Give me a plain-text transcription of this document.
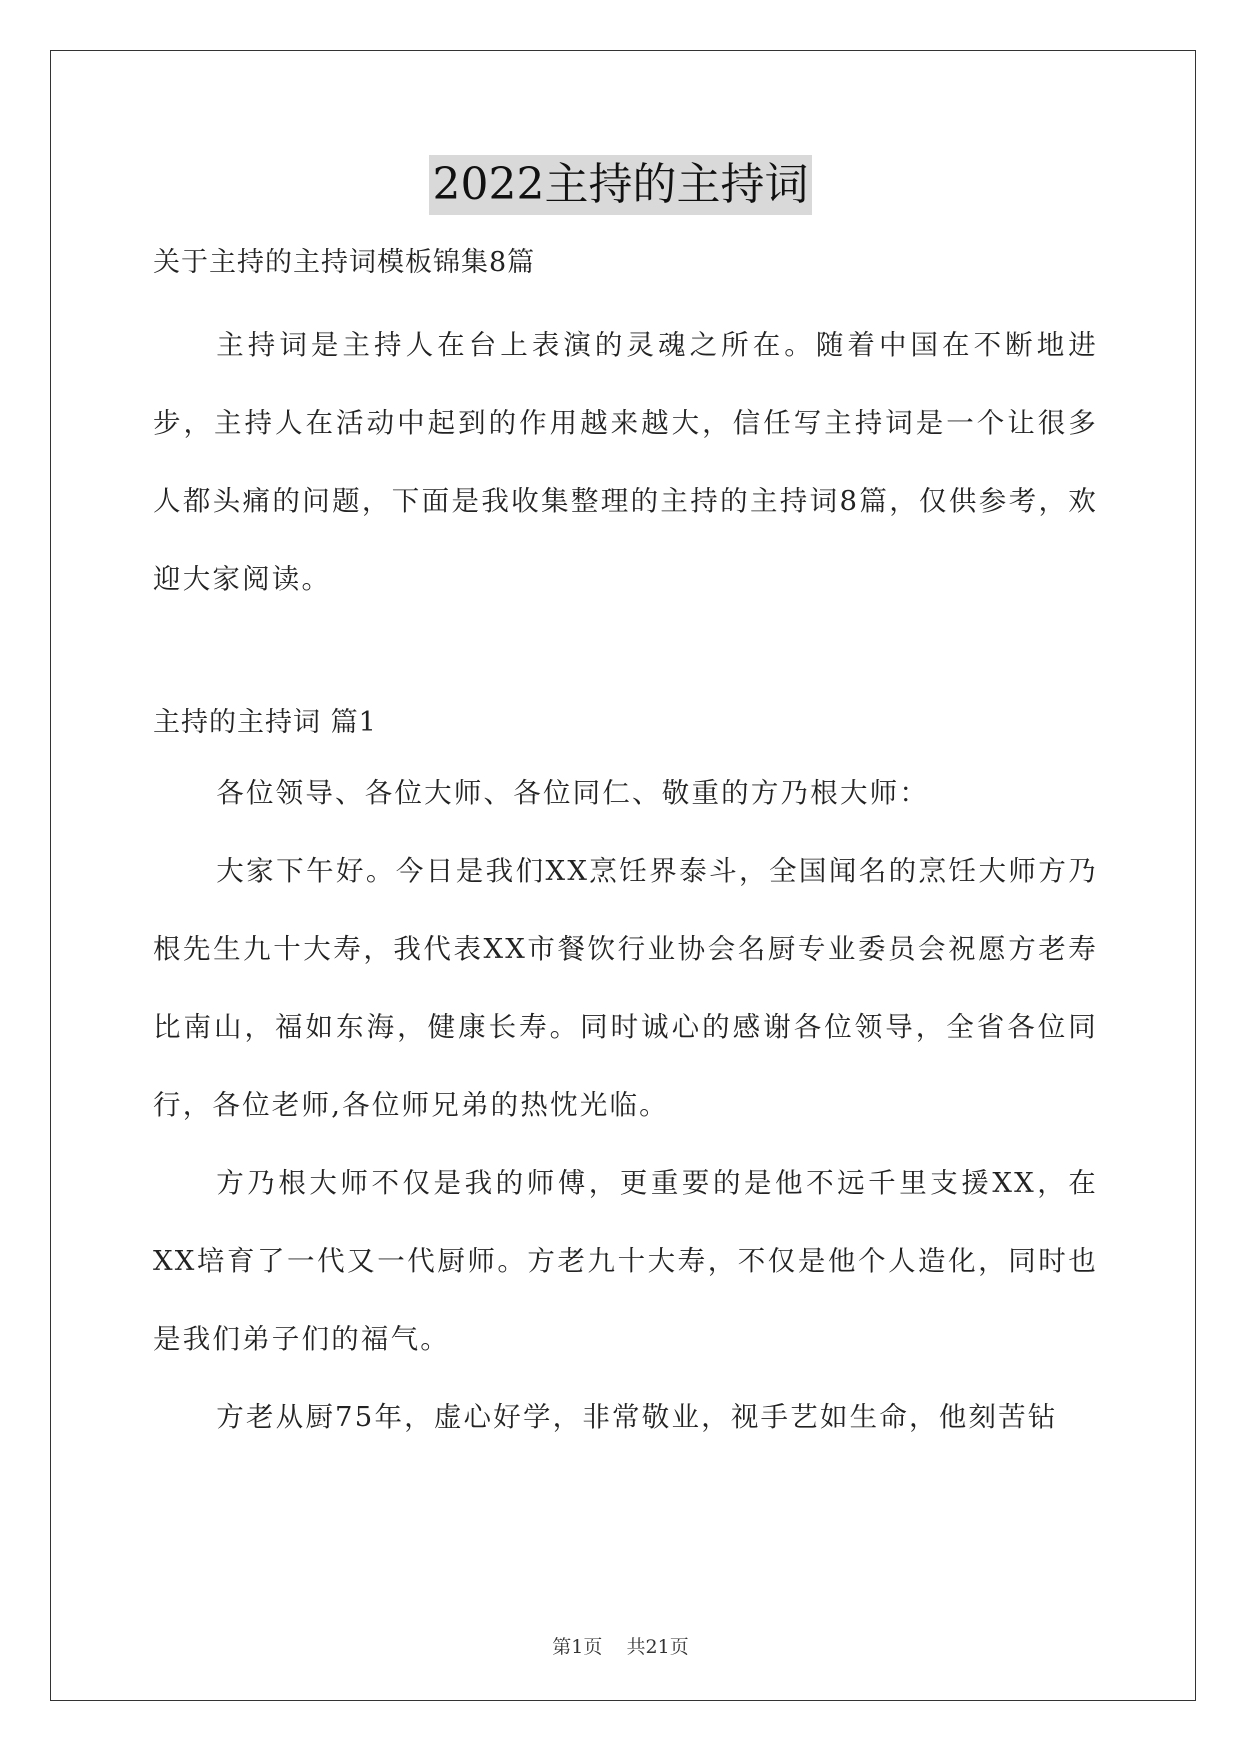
2022主持的主持词

关于主持的主持词模板锦集8篇

主持词是主持人在台上表演的灵魂之所在。随着中国在不断地进步，主持人在活动中起到的作用越来越大，信任写主持词是一个让很多人都头痛的问题，下面是我收集整理的主持的主持词8篇，仅供参考，欢迎大家阅读。

主持的主持词 篇1

各位领导、各位大师、各位同仁、敬重的方乃根大师：

大家下午好。今日是我们XX烹饪界泰斗，全国闻名的烹饪大师方乃根先生九十大寿，我代表XX市餐饮行业协会名厨专业委员会祝愿方老寿比南山，福如东海，健康长寿。同时诚心的感谢各位领导，全省各位同行，各位老师,各位师兄弟的热忱光临。

方乃根大师不仅是我的师傅，更重要的是他不远千里支援XX，在XX培育了一代又一代厨师。方老九十大寿，不仅是他个人造化，同时也是我们弟子们的福气。

方老从厨75年，虚心好学，非常敬业，视手艺如生命，他刻苦钻

第1页    共21页
